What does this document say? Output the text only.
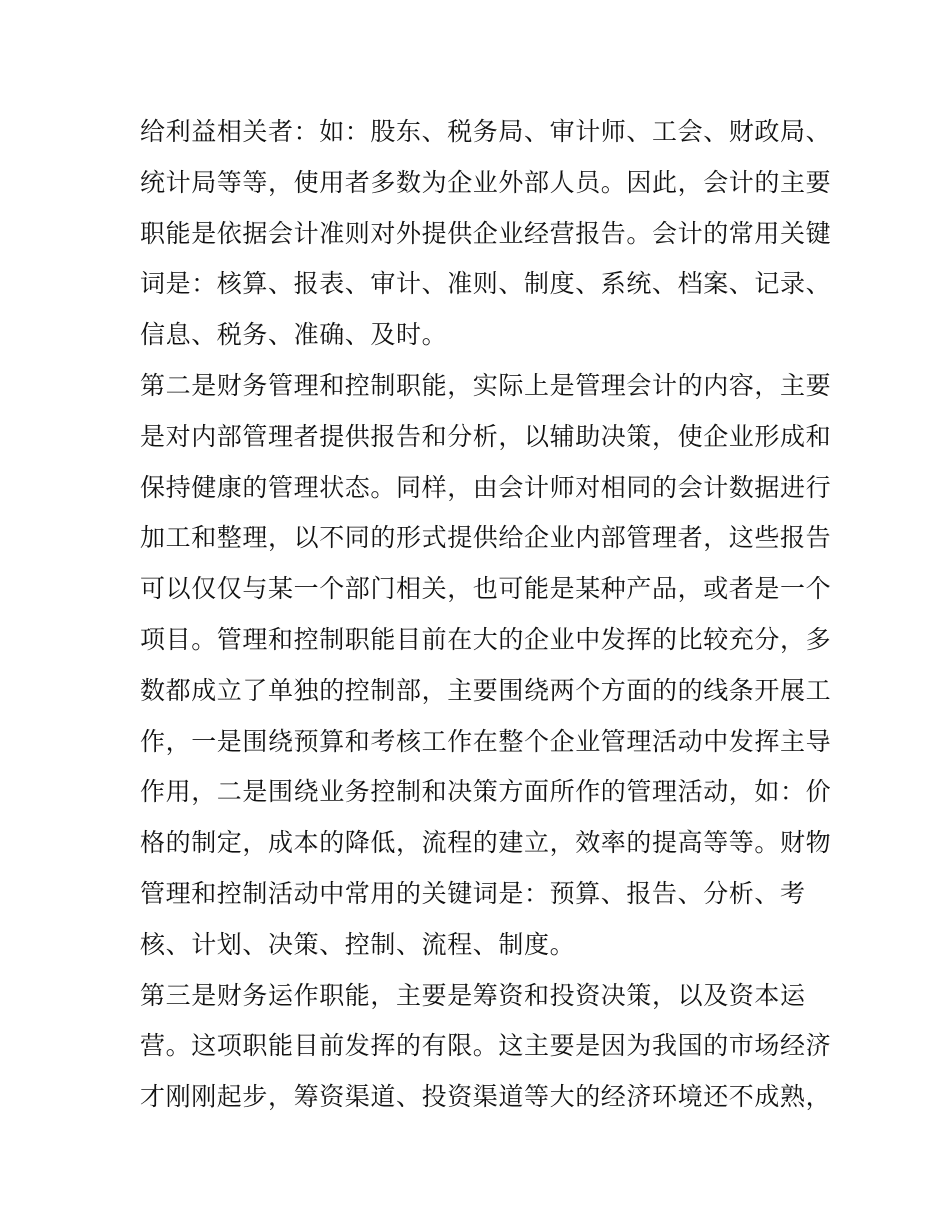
给利益相关者：如：股东、税务局、审计师、工会、财政局、
统计局等等，使用者多数为企业外部人员。因此，会计的主要
职能是依据会计准则对外提供企业经营报告。会计的常用关键
词是：核算、报表、审计、准则、制度、系统、档案、记录、
信息、税务、准确、及时。
第二是财务管理和控制职能，实际上是管理会计的内容，主要
是对内部管理者提供报告和分析，以辅助决策，使企业形成和
保持健康的管理状态。同样，由会计师对相同的会计数据进行
加工和整理，以不同的形式提供给企业内部管理者，这些报告
可以仅仅与某一个部门相关，也可能是某种产品，或者是一个
项目。管理和控制职能目前在大的企业中发挥的比较充分，多
数都成立了单独的控制部，主要围绕两个方面的的线条开展工
作，一是围绕预算和考核工作在整个企业管理活动中发挥主导
作用，二是围绕业务控制和决策方面所作的管理活动，如：价
格的制定，成本的降低，流程的建立，效率的提高等等。财物
管理和控制活动中常用的关键词是：预算、报告、分析、考
核、计划、决策、控制、流程、制度。
第三是财务运作职能，主要是筹资和投资决策，以及资本运
营。这项职能目前发挥的有限。这主要是因为我国的市场经济
才刚刚起步，筹资渠道、投资渠道等大的经济环境还不成熟，
